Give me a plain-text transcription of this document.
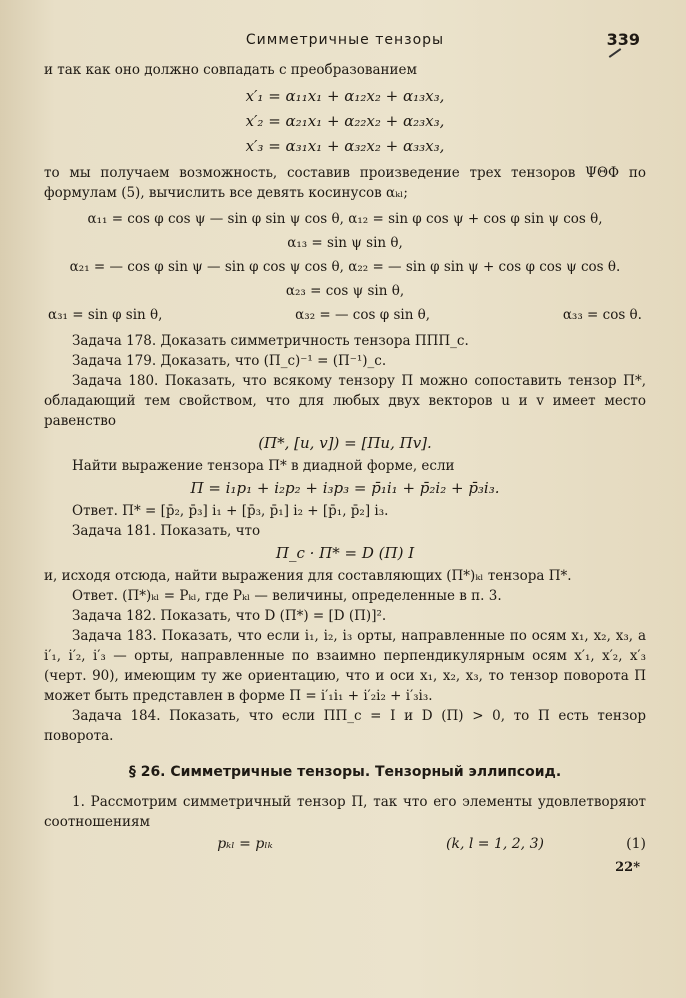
Симметричные тензоры	339

и так как оно должно совпадать с преобразованием

x′₁ = α₁₁x₁ + α₁₂x₂ + α₁₃x₃,
x′₂ = α₂₁x₁ + α₂₂x₂ + α₂₃x₃,
x′₃ = α₃₁x₁ + α₃₂x₂ + α₃₃x₃,

то мы получаем возможность, составив произведение трех тензоров ΨΘΦ по формулам (5), вычислить все девять косинусов αₖₗ;

α₁₁ = cos φ cos ψ — sin φ sin ψ cos θ, α₁₂ = sin φ cos ψ + cos φ sin ψ cos θ,
α₁₃ = sin ψ sin θ,
α₂₁ = — cos φ sin ψ — sin φ cos ψ cos θ, α₂₂ = — sin φ sin ψ + cos φ cos ψ cos θ.
α₂₃ = cos ψ sin θ,
α₃₁ = sin φ sin θ,	α₃₂ = — cos φ sin θ,	α₃₃ = cos θ.

Задача 178. Доказать симметричность тензора ΠΠΠ_c.

Задача 179. Доказать, что (Π_c)⁻¹ = (Π⁻¹)_c.

Задача 180. Показать, что всякому тензору Π можно сопоставить тензор Π*, обладающий тем свойством, что для любых двух векторов u и v имеет место равенство

(Π*, [u, v]) = [Πu, Πv].

Найти выражение тензора Π* в диадной форме, если

Π = i₁p₁ + i₂p₂ + i₃p₃ = p̄₁i₁ + p̄₂i₂ + p̄₃i₃.

Ответ. Π* = [p̄₂, p̄₃] i₁ + [p̄₃, p̄₁] i₂ + [p̄₁, p̄₂] i₃.

Задача 181. Показать, что

Π_c · Π* = D (Π) I

и, исходя отсюда, найти выражения для составляющих (Π*)ₖₗ тензора Π*.

Ответ. (Π*)ₖₗ = Pₖₗ, где Pₖₗ — величины, определенные в п. 3.

Задача 182. Показать, что D (Π*) = [D (Π)]².

Задача 183. Показать, что если i₁, i₂, i₃ орты, направленные по осям x₁, x₂, x₃, а i′₁, i′₂, i′₃ — орты, направленные по взаимно перпендикулярным осям x′₁, x′₂, x′₃ (черт. 90), имеющим ту же ориентацию, что и оси x₁, x₂, x₃, то тензор поворота Π может быть представлен в форме Π = i′₁i₁ + i′₂i₂ + i′₃i₃.

Задача 184. Показать, что если ΠΠ_c = I и D (Π) > 0, то Π есть тензор поворота.

§ 26. Симметричные тензоры. Тензорный эллипсоид.

1. Рассмотрим симметричный тензор Π, так что его элементы удовлетворяют соотношениям

pₖₗ = pₗₖ	(k, l = 1, 2, 3)	(1)
22*
